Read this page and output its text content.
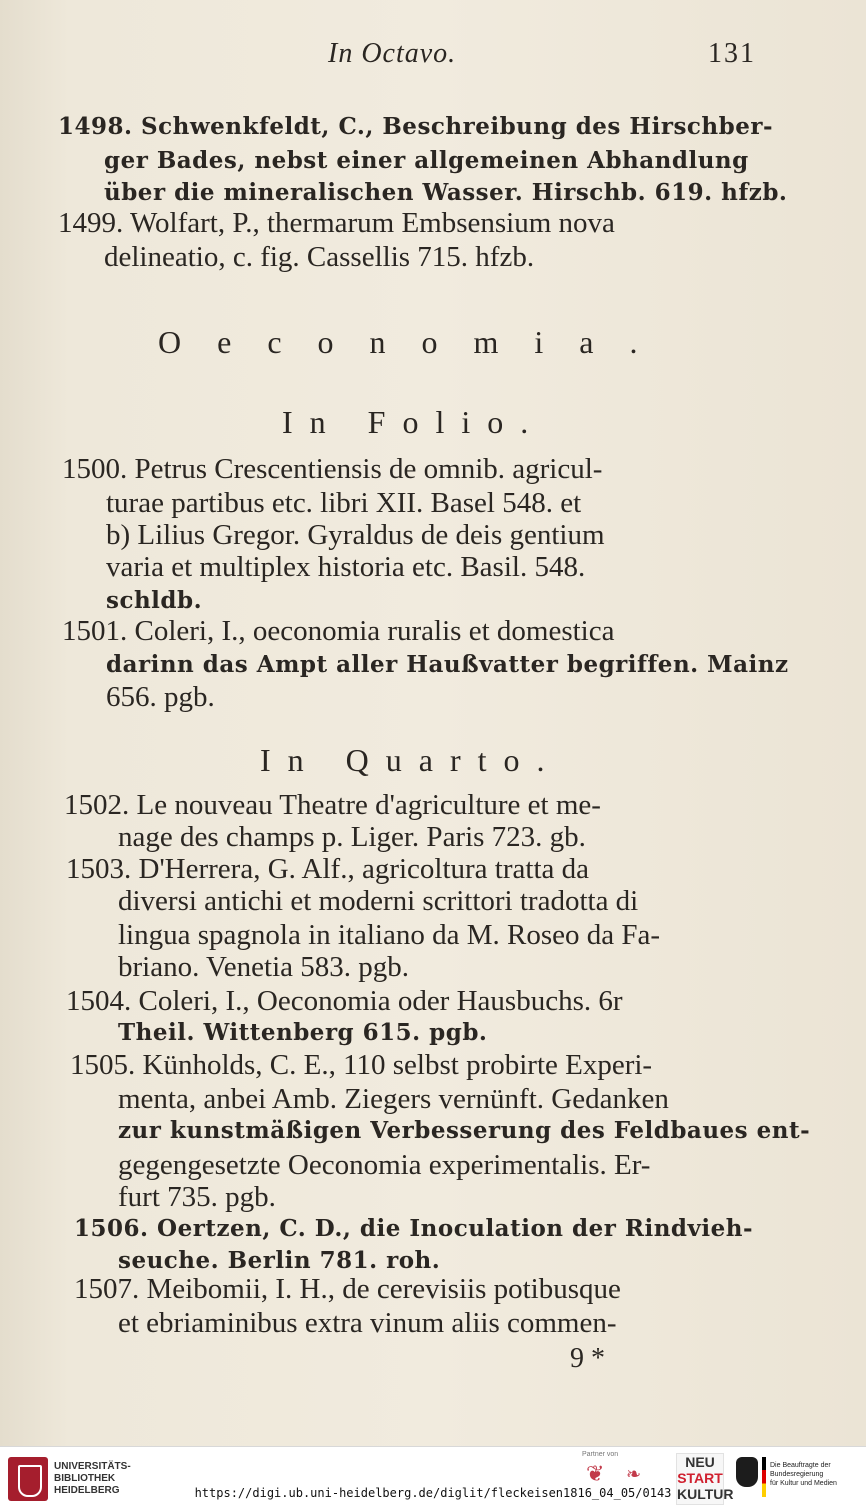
In Octavo.	131
1498. Schwenkfeldt, C., Beschreibung des Hirschber-
ger Bades, nebst einer allgemeinen Abhandlung
über die mineralischen Wasser. Hirschb. 619. hfzb.
1499. Wolfart, P., thermarum Embsensium nova
delineatio, c. fig. Cassellis 715. hfzb.
Oeconomia.
In Folio.
1500. Petrus Crescentiensis de omnib. agricul-
turae partibus etc. libri XII. Basel 548. et
b) Lilius Gregor. Gyraldus de deis gentium
varia et multiplex historia etc. Basil. 548.
schldb.
1501. Coleri, I., oeconomia ruralis et domestica
darinn das Ampt aller Haußvatter begriffen. Mainz
656. pgb.
In Quarto.
1502. Le nouveau Theatre d'agriculture et me-
nage des champs p. Liger. Paris 723. gb.
1503. D'Herrera, G. Alf., agricoltura tratta da
diversi antichi et moderni scrittori tradotta di
lingua spagnola in italiano da M. Roseo da Fa-
briano. Venetia 583. pgb.
1504. Coleri, I., Oeconomia oder Hausbuchs. 6r
Theil. Wittenberg 615. pgb.
1505. Künholds, C. E., 110 selbst probirte Experi-
menta, anbei Amb. Ziegers vernünft. Gedanken
zur kunstmäßigen Verbesserung des Feldbaues ent-
gegengesetzte Oeconomia experimentalis. Er-
furt 735. pgb.
1506. Oertzen, C. D., die Inoculation der Rindvieh-
seuche. Berlin 781. roh.
1507. Meibomii, I. H., de cerevisiis potibusque
et ebriaminibus extra vinum aliis commen-
9 *
UNIVERSITÄTS-
BIBLIOTHEK
HEIDELBERG
Partner von
❦	❧
NEU
START
KULTUR
Die Beauftragte der Bundesregierung
für Kultur und Medien
https://digi.ub.uni-heidelberg.de/diglit/fleckeisen1816_04_05/0143
